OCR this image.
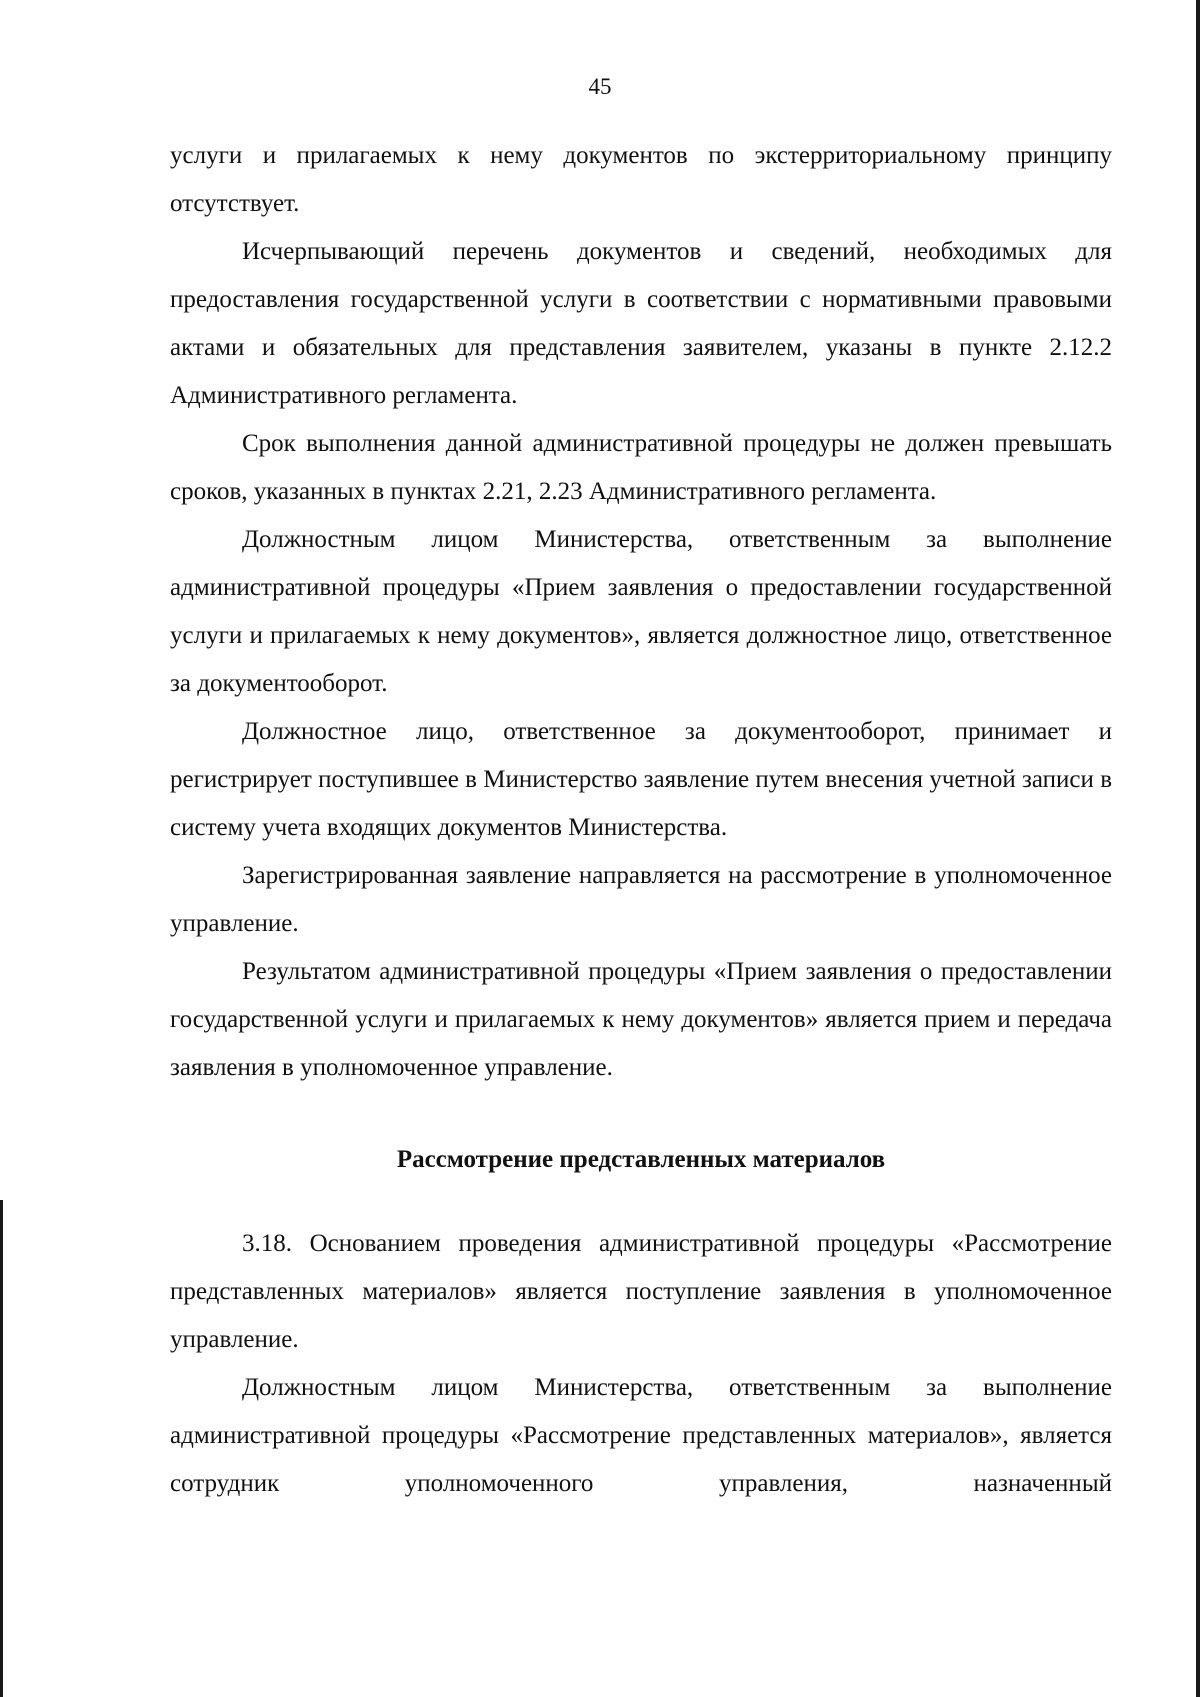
45

услуги и прилагаемых к нему документов по экстерриториальному принципу отсутствует.

Исчерпывающий перечень документов и сведений, необходимых для предоставления государственной услуги в соответствии с нормативными правовыми актами и обязательных для представления заявителем, указаны в пункте 2.12.2 Административного регламента.

Срок выполнения данной административной процедуры не должен превышать сроков, указанных в пунктах 2.21, 2.23 Административного регламента.

Должностным лицом Министерства, ответственным за выполнение административной процедуры «Прием заявления о предоставлении государственной услуги и прилагаемых к нему документов», является должностное лицо, ответственное за документооборот.

Должностное лицо, ответственное за документооборот, принимает и регистрирует поступившее в Министерство заявление путем внесения учетной записи в систему учета входящих документов Министерства.

Зарегистрированная заявление направляется на рассмотрение в уполномоченное управление.

Результатом административной процедуры «Прием заявления о предоставлении государственной услуги и прилагаемых к нему документов» является прием и передача заявления в уполномоченное управление.

Рассмотрение представленных материалов

3.18. Основанием проведения административной процедуры «Рассмотрение представленных материалов» является поступление заявления в уполномоченное управление.

Должностным лицом Министерства, ответственным за выполнение административной процедуры «Рассмотрение представленных материалов», является сотрудник уполномоченного управления, назначенный
